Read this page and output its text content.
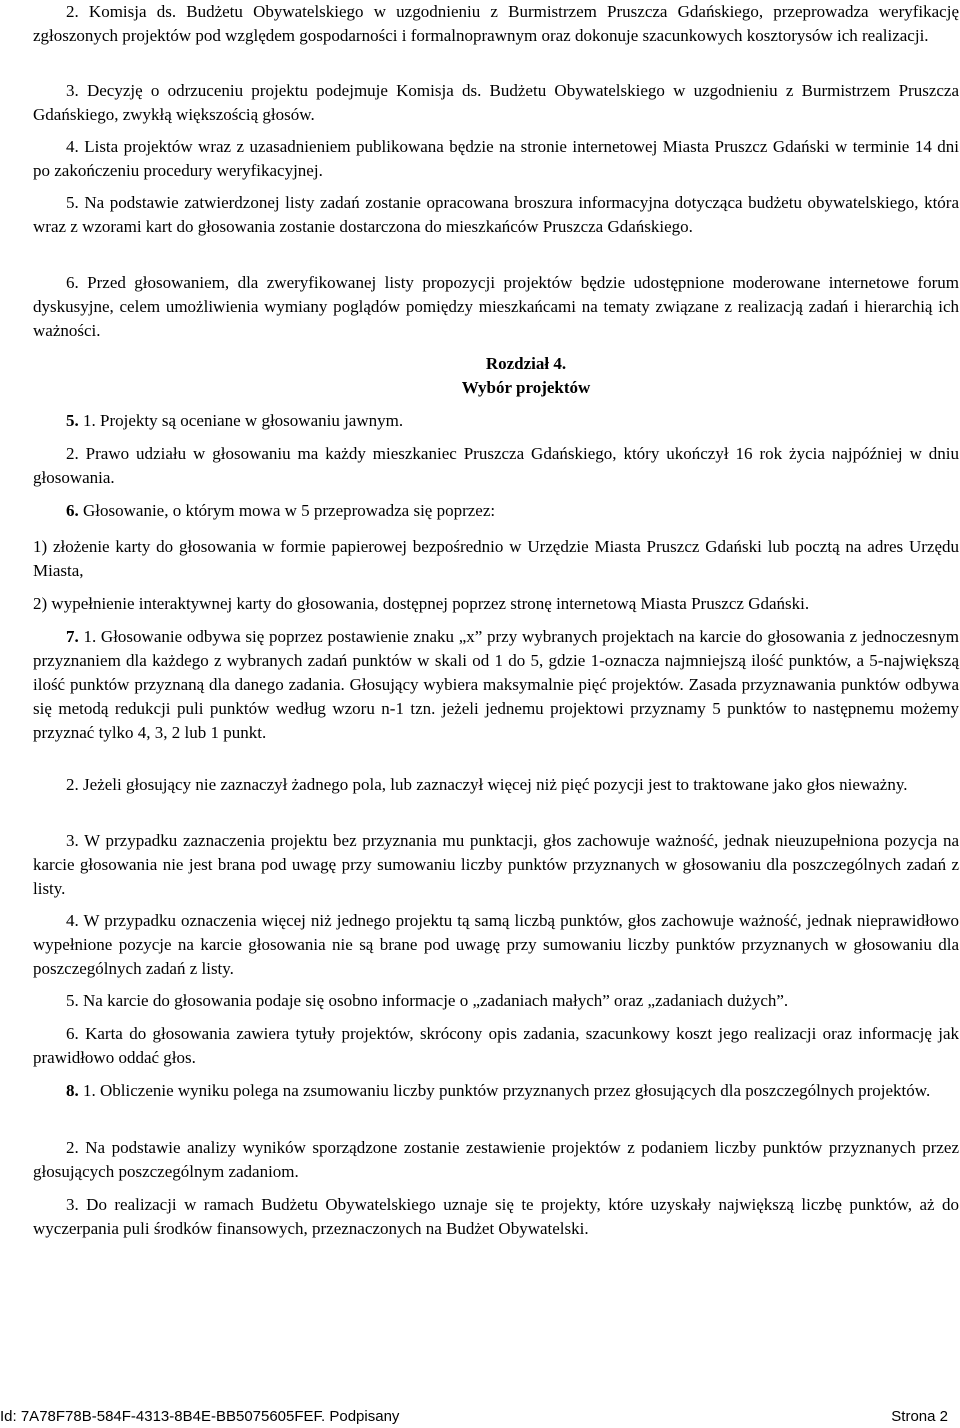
2. Komisja ds. Budżetu Obywatelskiego w uzgodnieniu z Burmistrzem Pruszcza Gdańskiego, przeprowadza weryfikację zgłoszonych projektów pod względem gospodarności i formalnoprawnym oraz dokonuje szacunkowych kosztorysów ich realizacji.

3. Decyzję o odrzuceniu projektu podejmuje Komisja ds. Budżetu Obywatelskiego w uzgodnieniu z Burmistrzem Pruszcza Gdańskiego, zwykłą większością głosów.

4. Lista projektów wraz z uzasadnieniem publikowana będzie na stronie internetowej Miasta Pruszcz Gdański w terminie 14 dni po zakończeniu procedury weryfikacyjnej.

5. Na podstawie zatwierdzonej listy zadań zostanie opracowana broszura informacyjna dotycząca budżetu obywatelskiego, która wraz z wzorami kart do głosowania zostanie dostarczona do mieszkańców Pruszcza Gdańskiego.

6. Przed głosowaniem, dla zweryfikowanej listy propozycji projektów będzie udostępnione moderowane internetowe forum dyskusyjne, celem umożliwienia wymiany poglądów pomiędzy mieszkańcami na tematy związane z realizacją zadań i hierarchią ich ważności.

Rozdział 4.
Wybór projektów

5. 1. Projekty są oceniane w głosowaniu jawnym.

2. Prawo udziału w głosowaniu ma każdy mieszkaniec Pruszcza Gdańskiego, który ukończył 16 rok życia najpóźniej w dniu głosowania.

6. Głosowanie, o którym mowa w 5 przeprowadza się poprzez:

1) złożenie karty do głosowania w formie papierowej bezpośrednio w Urzędzie Miasta Pruszcz Gdański lub pocztą na adres Urzędu Miasta,

2) wypełnienie interaktywnej karty do głosowania, dostępnej poprzez stronę internetową Miasta Pruszcz Gdański.

7. 1. Głosowanie odbywa się poprzez postawienie znaku „x” przy wybranych projektach na karcie do głosowania z jednoczesnym przyznaniem dla każdego z wybranych zadań punktów w skali od 1 do 5, gdzie 1-oznacza najmniejszą ilość punktów, a 5-największą ilość punktów przyznaną dla danego zadania. Głosujący wybiera maksymalnie pięć projektów. Zasada przyznawania punktów odbywa się metodą redukcji puli punktów według wzoru n-1 tzn. jeżeli jednemu projektowi przyznamy 5 punktów to następnemu możemy przyznać tylko 4, 3, 2 lub 1 punkt.

2. Jeżeli głosujący nie zaznaczył żadnego pola, lub zaznaczył więcej niż pięć pozycji jest to traktowane jako głos nieważny.

3. W przypadku zaznaczenia projektu bez przyznania mu punktacji, głos zachowuje ważność, jednak nieuzupełniona pozycja na karcie głosowania nie jest brana pod uwagę przy sumowaniu liczby punktów przyznanych w głosowaniu dla poszczególnych zadań z listy.

4. W przypadku oznaczenia więcej niż jednego projektu tą samą liczbą punktów, głos zachowuje ważność, jednak nieprawidłowo wypełnione pozycje na karcie głosowania nie są brane pod uwagę przy sumowaniu liczby punktów przyznanych w głosowaniu dla poszczególnych zadań z listy.

5. Na karcie do głosowania podaje się osobno informacje o „zadaniach małych” oraz „zadaniach dużych”.

6. Karta do głosowania zawiera tytuły projektów, skrócony opis zadania, szacunkowy koszt jego realizacji oraz informację jak prawidłowo oddać głos.

8. 1. Obliczenie wyniku polega na zsumowaniu liczby punktów przyznanych przez głosujących dla poszczególnych projektów.

2. Na podstawie analizy wyników sporządzone zostanie zestawienie projektów z podaniem liczby punktów przyznanych przez głosujących poszczególnym zadaniom.

3. Do realizacji w ramach Budżetu Obywatelskiego uznaje się te projekty, które uzyskały największą liczbę punktów, aż do wyczerpania puli środków finansowych, przeznaczonych na Budżet Obywatelski.

Id: 7A78F78B-584F-4313-8B4E-BB5075605FEF. Podpisany	Strona 2
